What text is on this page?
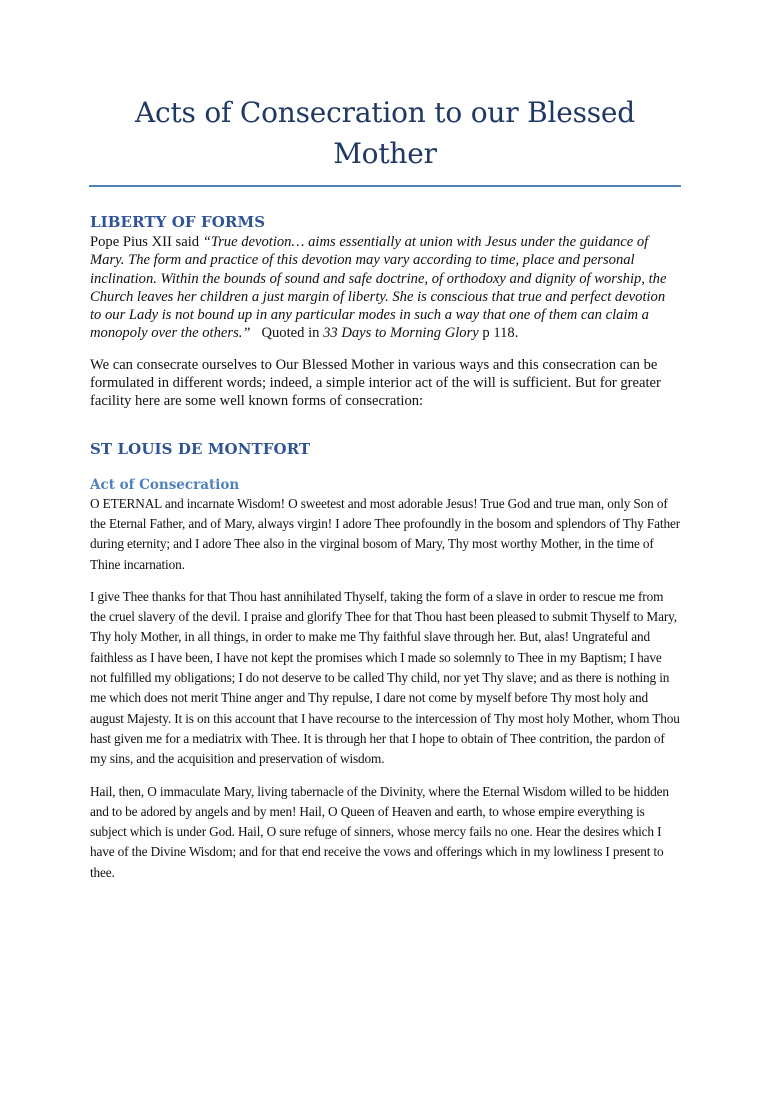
Acts of Consecration to our Blessed Mother
LIBERTY OF FORMS

Pope Pius XII said “True devotion… aims essentially at union with Jesus under the guidance of Mary. The form and practice of this devotion may vary according to time, place and personal inclination. Within the bounds of sound and safe doctrine, of orthodoxy and dignity of worship, the Church leaves her children a just margin of liberty. She is conscious that true and perfect devotion to our Lady is not bound up in any particular modes in such a way that one of them can claim a monopoly over the others.” Quoted in 33 Days to Morning Glory p 118.

We can consecrate ourselves to Our Blessed Mother in various ways and this consecration can be formulated in different words; indeed, a simple interior act of the will is sufficient. But for greater facility here are some well known forms of consecration:

ST LOUIS DE MONTFORT
Act of Consecration

O ETERNAL and incarnate Wisdom! O sweetest and most adorable Jesus! True God and true man, only Son of the Eternal Father, and of Mary, always virgin! I adore Thee profoundly in the bosom and splendors of Thy Father during eternity; and I adore Thee also in the virginal bosom of Mary, Thy most worthy Mother, in the time of Thine incarnation.

I give Thee thanks for that Thou hast annihilated Thyself, taking the form of a slave in order to rescue me from the cruel slavery of the devil. I praise and glorify Thee for that Thou hast been pleased to submit Thyself to Mary, Thy holy Mother, in all things, in order to make me Thy faithful slave through her. But, alas! Ungrateful and faithless as I have been, I have not kept the promises which I made so solemnly to Thee in my Baptism; I have not fulfilled my obligations; I do not deserve to be called Thy child, nor yet Thy slave; and as there is nothing in me which does not merit Thine anger and Thy repulse, I dare not come by myself before Thy most holy and august Majesty. It is on this account that I have recourse to the intercession of Thy most holy Mother, whom Thou hast given me for a mediatrix with Thee. It is through her that I hope to obtain of Thee contrition, the pardon of my sins, and the acquisition and preservation of wisdom.

Hail, then, O immaculate Mary, living tabernacle of the Divinity, where the Eternal Wisdom willed to be hidden and to be adored by angels and by men! Hail, O Queen of Heaven and earth, to whose empire everything is subject which is under God. Hail, O sure refuge of sinners, whose mercy fails no one. Hear the desires which I have of the Divine Wisdom; and for that end receive the vows and offerings which in my lowliness I present to thee.
